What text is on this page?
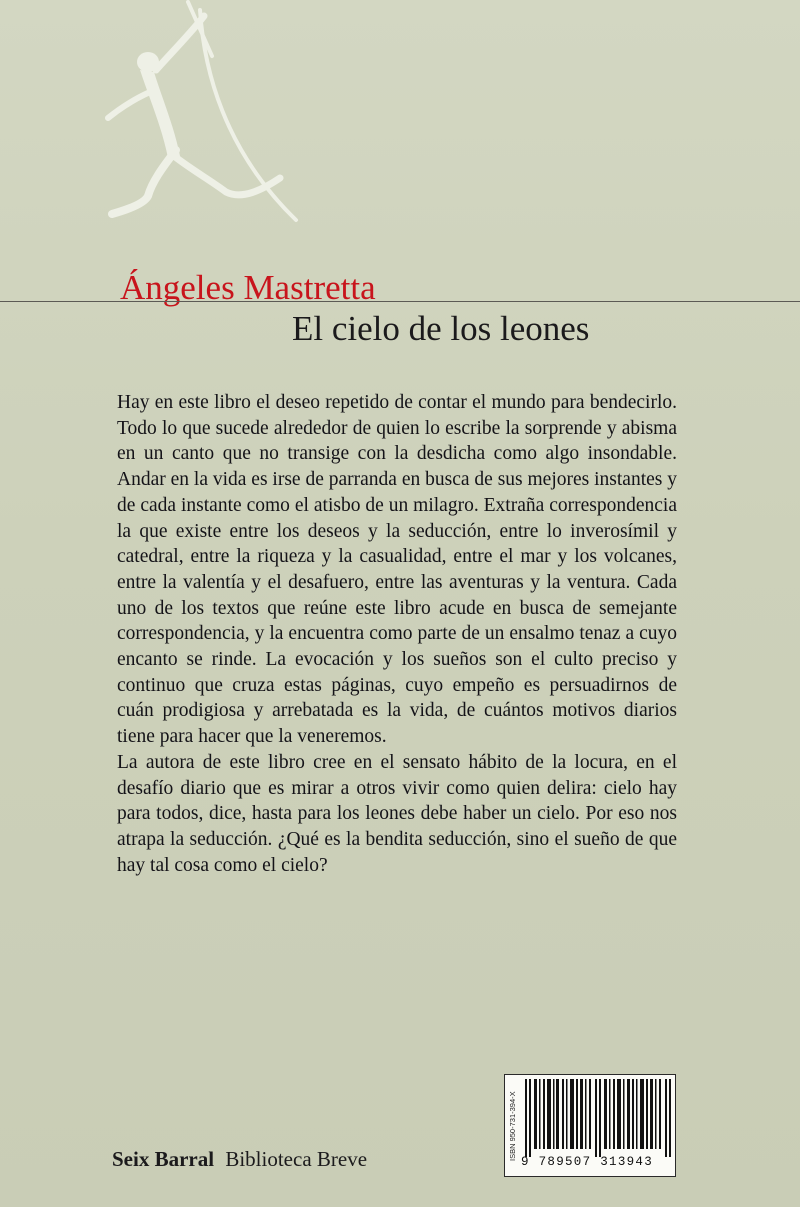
Ángeles Mastretta
El cielo de los leones

Hay en este libro el deseo repetido de contar el mundo para bendecirlo. Todo lo que sucede alrededor de quien lo escribe la sorprende y abisma en un canto que no transige con la desdicha como algo insondable. Andar en la vida es irse de parranda en busca de sus mejores instantes y de cada instante como el atisbo de un milagro. Extraña correspondencia la que existe entre los deseos y la seducción, entre lo inverosímil y catedral, entre la riqueza y la casualidad, entre el mar y los volcanes, entre la valentía y el desafuero, entre las aventuras y la ventura. Cada uno de los textos que reúne este libro acude en busca de semejante correspondencia, y la encuentra como parte de un ensalmo tenaz a cuyo encanto se rinde. La evocación y los sueños son el culto preciso y continuo que cruza estas páginas, cuyo empeño es persuadirnos de cuán prodigiosa y arrebatada es la vida, de cuántos motivos diarios tiene para hacer que la veneremos.

La autora de este libro cree en el sensato hábito de la locura, en el desafío diario que es mirar a otros vivir como quien delira: cielo hay para todos, dice, hasta para los leones debe haber un cielo. Por eso nos atrapa la seducción. ¿Qué es la bendita seducción, sino el sueño de que hay tal cosa como el cielo?

Seix Barral Biblioteca Breve	ISBN 950-731-394-X
9 789507 313943
